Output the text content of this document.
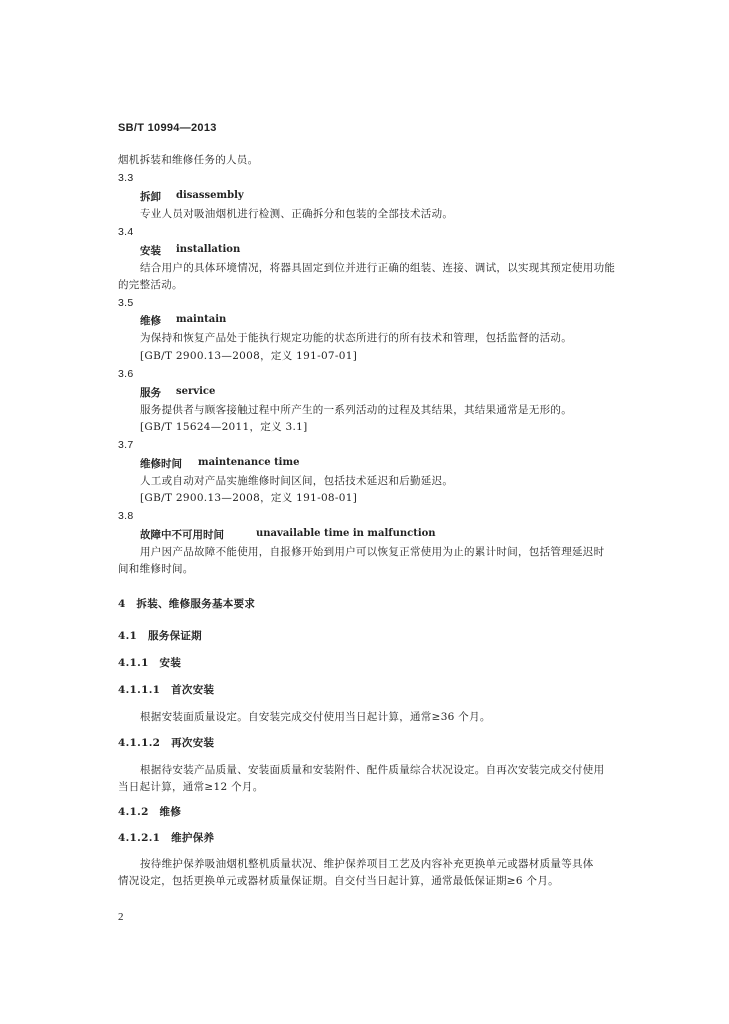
SB/T 10994—2013
烟机拆装和维修任务的人员。
3.3
拆卸 disassembly
专业人员对吸油烟机进行检测、正确拆分和包装的全部技术活动。
3.4
安装 installation
结合用户的具体环境情况，将器具固定到位并进行正确的组装、连接、调试，以实现其预定使用功能
的完整活动。
3.5
维修 maintain
为保持和恢复产品处于能执行规定功能的状态所进行的所有技术和管理，包括监督的活动。
[GB/T 2900.13—2008，定义 191-07-01]
3.6
服务 service
服务提供者与顾客接触过程中所产生的一系列活动的过程及其结果，其结果通常是无形的。
[GB/T 15624—2011，定义 3.1]
3.7
维修时间 maintenance time
人工或自动对产品实施维修时间区间，包括技术延迟和后勤延迟。
[GB/T 2900.13—2008，定义 191-08-01]
3.8
故障中不可用时间	unavailable time in malfunction
用户因产品故障不能使用，自报修开始到用户可以恢复正常使用为止的累计时间，包括管理延迟时
间和维修时间。
4　拆装、维修服务基本要求
4.1　服务保证期
4.1.1　安装
4.1.1.1　首次安装
根据安装面质量设定。自安装完成交付使用当日起计算，通常≥36 个月。
4.1.1.2　再次安装
根据待安装产品质量、安装面质量和安装附件、配件质量综合状况设定。自再次安装完成交付使用
当日起计算，通常≥12 个月。
4.1.2　维修
4.1.2.1　维护保养
按待维护保养吸油烟机整机质量状况、维护保养项目工艺及内容补充更换单元或器材质量等具体
情况设定，包括更换单元或器材质量保证期。自交付当日起计算，通常最低保证期≥6 个月。
2
